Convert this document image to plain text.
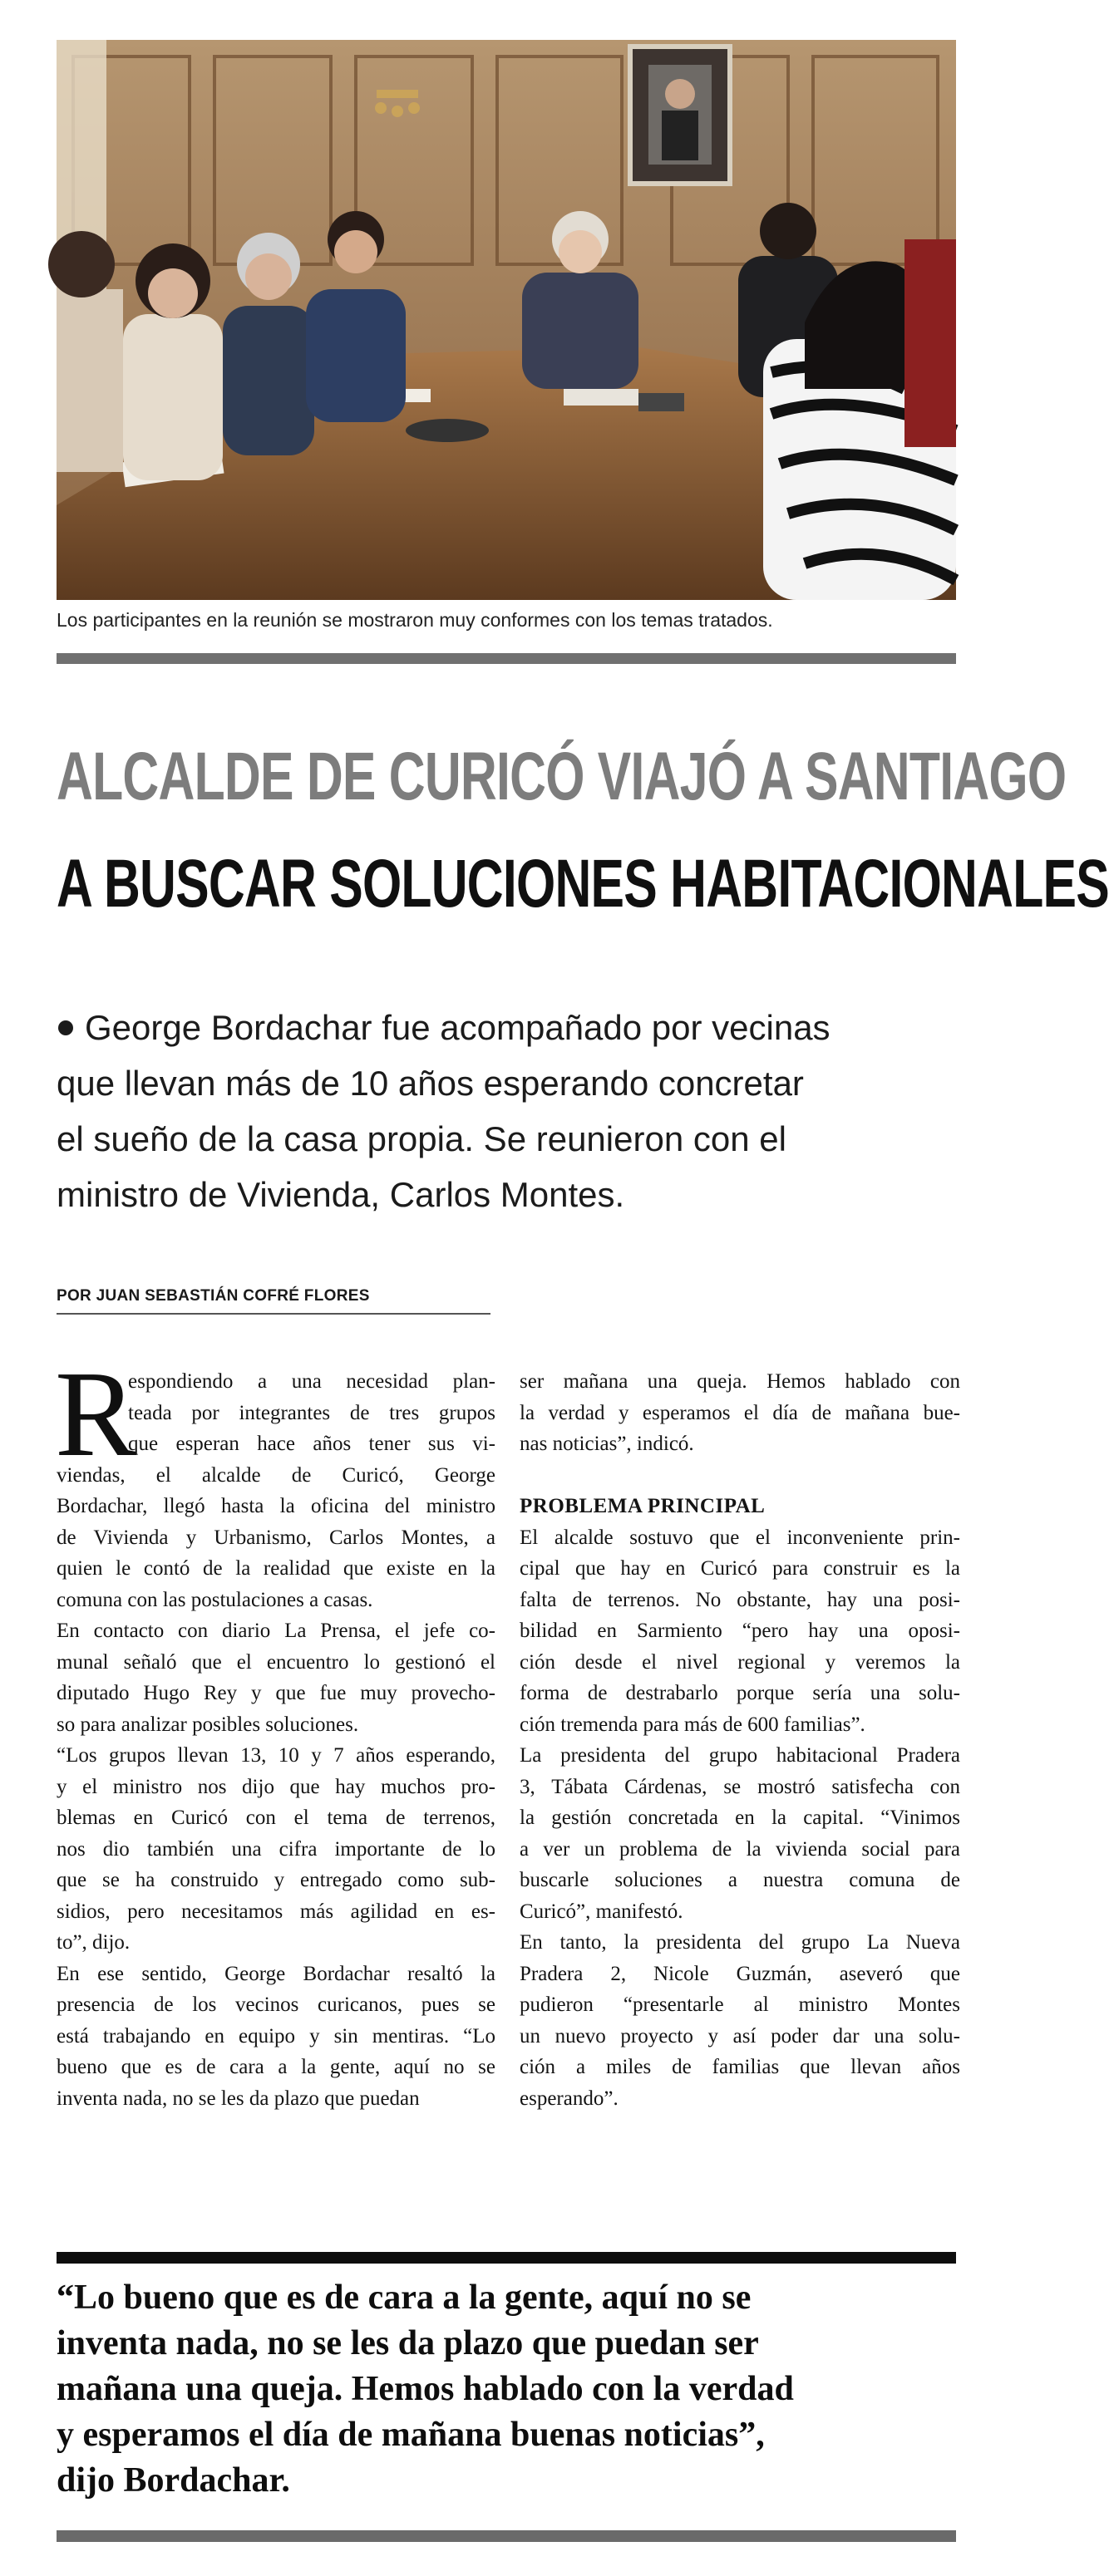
Los participantes en la reunión se mostraron muy conformes con los temas tratados.
ALCALDE DE CURICÓ VIAJÓ A SANTIAGO
A BUSCAR SOLUCIONES HABITACIONALES
George Bordachar fue acompañado por vecinas
que llevan más de 10 años esperando concretar
el sueño de la casa propia. Se reunieron con el
ministro de Vivienda, Carlos Montes.
POR JUAN SEBASTIÁN COFRÉ FLORES
R
espondiendo a una necesidad plan-
teada por integrantes de tres grupos
que esperan hace años tener sus vi-
viendas, el alcalde de Curicó, George
Bordachar, llegó hasta la oficina del ministro
de Vivienda y Urbanismo, Carlos Montes, a
quien le contó de la realidad que existe en la
comuna con las postulaciones a casas.
En contacto con diario La Prensa, el jefe co-
munal señaló que el encuentro lo gestionó el
diputado Hugo Rey y que fue muy provecho-
so para analizar posibles soluciones.
“Los grupos llevan 13, 10 y 7 años esperando,
y el ministro nos dijo que hay muchos pro-
blemas en Curicó con el tema de terrenos,
nos dio también una cifra importante de lo
que se ha construido y entregado como sub-
sidios, pero necesitamos más agilidad en es-
to”, dijo.
En ese sentido, George Bordachar resaltó la
presencia de los vecinos curicanos, pues se
está trabajando en equipo y sin mentiras. “Lo
bueno que es de cara a la gente, aquí no se
inventa nada, no se les da plazo que puedan
ser mañana una queja. Hemos hablado con
la verdad y esperamos el día de mañana bue-
nas noticias”, indicó.
PROBLEMA PRINCIPAL
El alcalde sostuvo que el inconveniente prin-
cipal que hay en Curicó para construir es la
falta de terrenos. No obstante, hay una posi-
bilidad en Sarmiento “pero hay una oposi-
ción desde el nivel regional y veremos la
forma de destrabarlo porque sería una solu-
ción tremenda para más de 600 familias”.
La presidenta del grupo habitacional Pradera
3, Tábata Cárdenas, se mostró satisfecha con
la gestión concretada en la capital. “Vinimos
a ver un problema de la vivienda social para
buscarle soluciones a nuestra comuna de
Curicó”, manifestó.
En tanto, la presidenta del grupo La Nueva
Pradera 2, Nicole Guzmán, aseveró que
pudieron “presentarle al ministro Montes
un nuevo proyecto y así poder dar una solu-
ción a miles de familias que llevan años
esperando”.
“Lo bueno que es de cara a la gente, aquí no se
inventa nada, no se les da plazo que puedan ser
mañana una queja. Hemos hablado con la verdad
y esperamos el día de mañana buenas noticias”,
dijo Bordachar.
